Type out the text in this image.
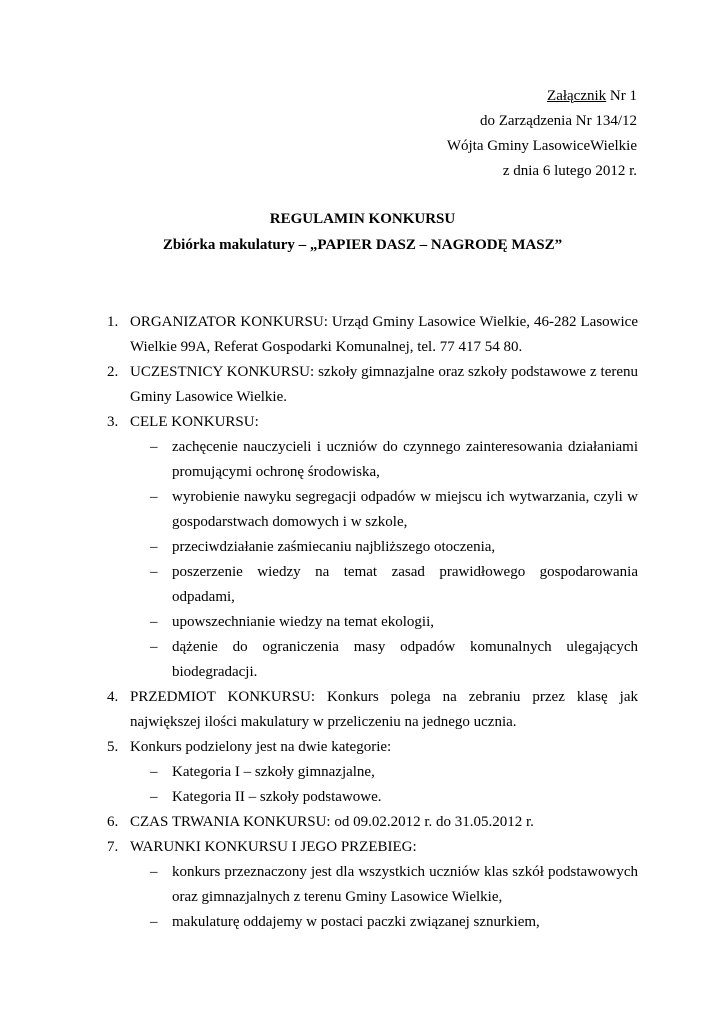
Załącznik Nr 1
do Zarządzenia Nr 134/12
Wójta Gminy LasowiceWielkie
z dnia 6 lutego 2012 r.
REGULAMIN KONKURSU
Zbiórka makulatury – „PAPIER DASZ – NAGRODĘ MASZ”
1. ORGANIZATOR KONKURSU: Urząd Gminy Lasowice Wielkie, 46-282 Lasowice Wielkie 99A, Referat Gospodarki Komunalnej, tel. 77 417 54 80.
2. UCZESTNICY KONKURSU: szkoły gimnazjalne oraz szkoły podstawowe z terenu Gminy Lasowice Wielkie.
3. CELE KONKURSU:
– zachęcenie nauczycieli i uczniów do czynnego zainteresowania działaniami promującymi ochronę środowiska,
– wyrobienie nawyku segregacji odpadów w miejscu ich wytwarzania, czyli w gospodarstwach domowych i w szkole,
– przeciwdziałanie zaśmiecaniu najbliższego otoczenia,
– poszerzenie wiedzy na temat zasad prawidłowego gospodarowania odpadami,
– upowszechnianie wiedzy na temat ekologii,
– dążenie do ograniczenia masy odpadów komunalnych ulegających biodegradacji.
4. PRZEDMIOT KONKURSU: Konkurs polega na zebraniu przez klasę jak największej ilości makulatury w przeliczeniu na jednego ucznia.
5. Konkurs podzielony jest na dwie kategorie:
– Kategoria I – szkoły gimnazjalne,
– Kategoria II – szkoły podstawowe.
6. CZAS TRWANIA KONKURSU: od 09.02.2012 r. do 31.05.2012 r.
7. WARUNKI KONKURSU I JEGO PRZEBIEG:
– konkurs przeznaczony jest dla wszystkich uczniów klas szkół podstawowych oraz gimnazjalnych z terenu Gminy Lasowice Wielkie,
– makulaturę oddajemy w postaci paczki związanej sznurkiem,
